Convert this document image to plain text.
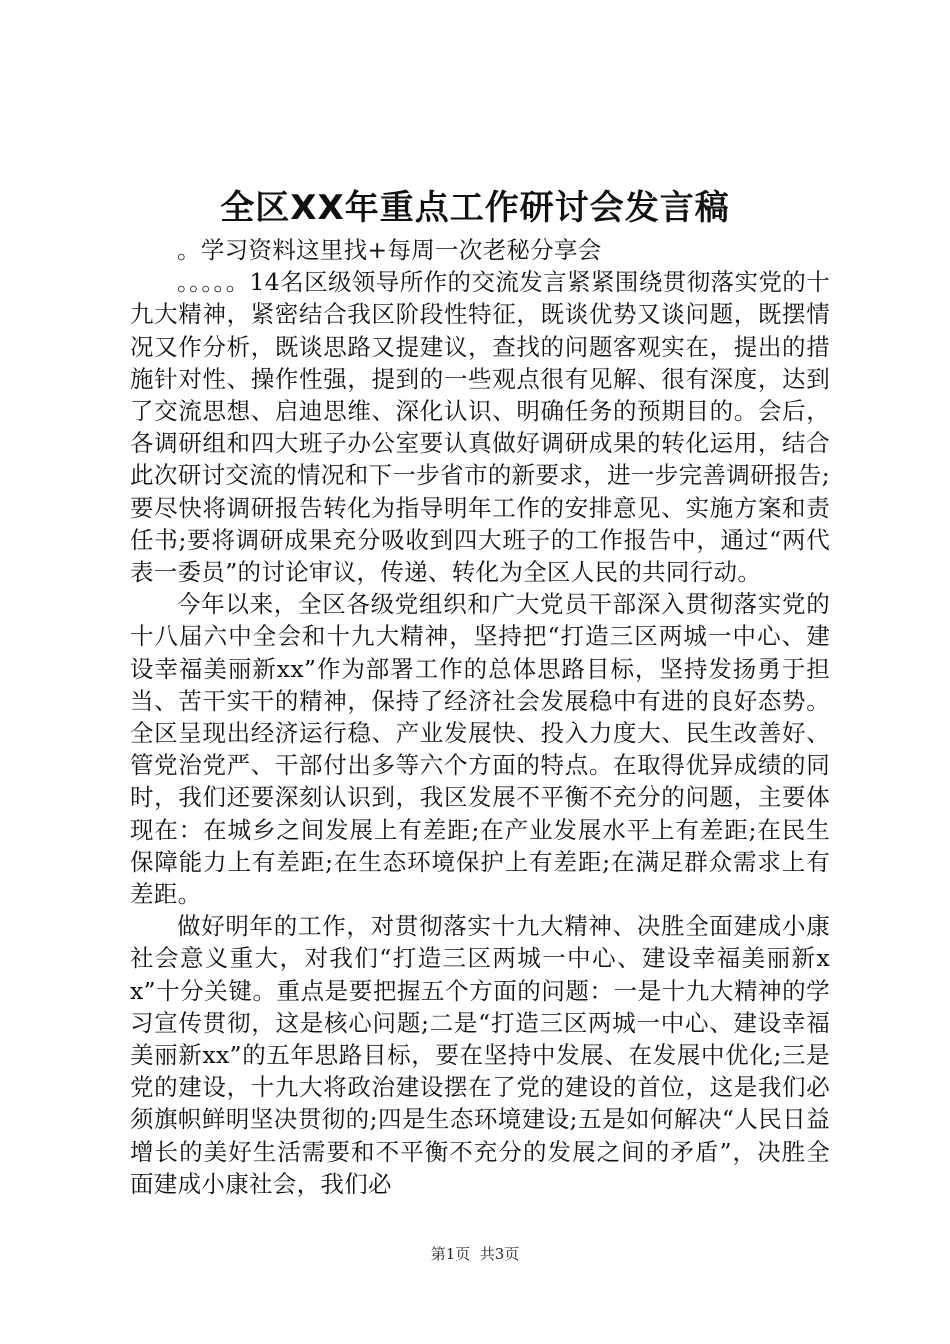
全区XX年重点工作研讨会发言稿

。学习资料这里找+每周一次老秘分享会

。。。。。14名区级领导所作的交流发言紧紧围绕贯彻落实党的十九大精神，紧密结合我区阶段性特征，既谈优势又谈问题，既摆情况又作分析，既谈思路又提建议，查找的问题客观实在，提出的措施针对性、操作性强，提到的一些观点很有见解、很有深度，达到了交流思想、启迪思维、深化认识、明确任务的预期目的。会后，各调研组和四大班子办公室要认真做好调研成果的转化运用，结合此次研讨交流的情况和下一步省市的新要求，进一步完善调研报告;要尽快将调研报告转化为指导明年工作的安排意见、实施方案和责任书;要将调研成果充分吸收到四大班子的工作报告中，通过“两代表一委员”的讨论审议，传递、转化为全区人民的共同行动。

今年以来，全区各级党组织和广大党员干部深入贯彻落实党的十八届六中全会和十九大精神，坚持把“打造三区两城一中心、建设幸福美丽新xx”作为部署工作的总体思路目标，坚持发扬勇于担当、苦干实干的精神，保持了经济社会发展稳中有进的良好态势。全区呈现出经济运行稳、产业发展快、投入力度大、民生改善好、管党治党严、干部付出多等六个方面的特点。在取得优异成绩的同时，我们还要深刻认识到，我区发展不平衡不充分的问题，主要体现在：在城乡之间发展上有差距;在产业发展水平上有差距;在民生保障能力上有差距;在生态环境保护上有差距;在满足群众需求上有差距。

做好明年的工作，对贯彻落实十九大精神、决胜全面建成小康社会意义重大，对我们“打造三区两城一中心、建设幸福美丽新xx”十分关键。重点是要把握五个方面的问题：一是十九大精神的学习宣传贯彻，这是核心问题;二是“打造三区两城一中心、建设幸福美丽新xx”的五年思路目标，要在坚持中发展、在发展中优化;三是党的建设，十九大将政治建设摆在了党的建设的首位，这是我们必须旗帜鲜明坚决贯彻的;四是生态环境建设;五是如何解决“人民日益增长的美好生活需要和不平衡不充分的发展之间的矛盾”，决胜全面建成小康社会，我们必

第1页  共3页
